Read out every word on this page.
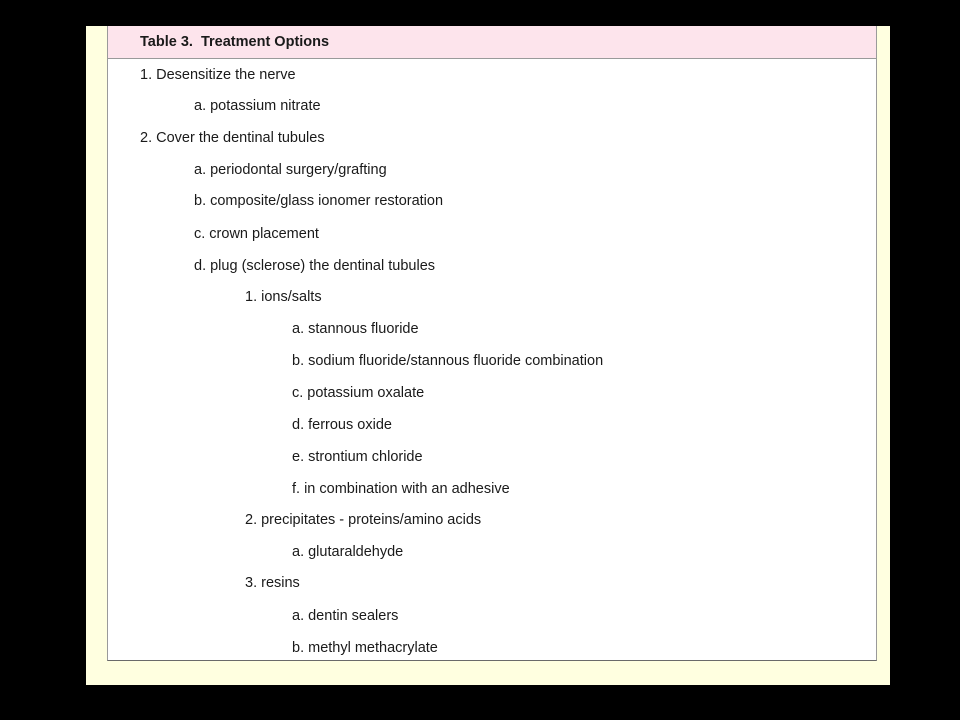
Table 3.  Treatment Options
1. Desensitize the nerve
a. potassium nitrate
2. Cover the dentinal tubules
a. periodontal surgery/grafting
b. composite/glass ionomer restoration
c. crown placement
d. plug (sclerose) the dentinal tubules
1. ions/salts
a. stannous fluoride
b. sodium fluoride/stannous fluoride combination
c. potassium oxalate
d. ferrous oxide
e. strontium chloride
f. in combination with an adhesive
2. precipitates - proteins/amino acids
a. glutaraldehyde
3. resins
a. dentin sealers
b. methyl methacrylate
